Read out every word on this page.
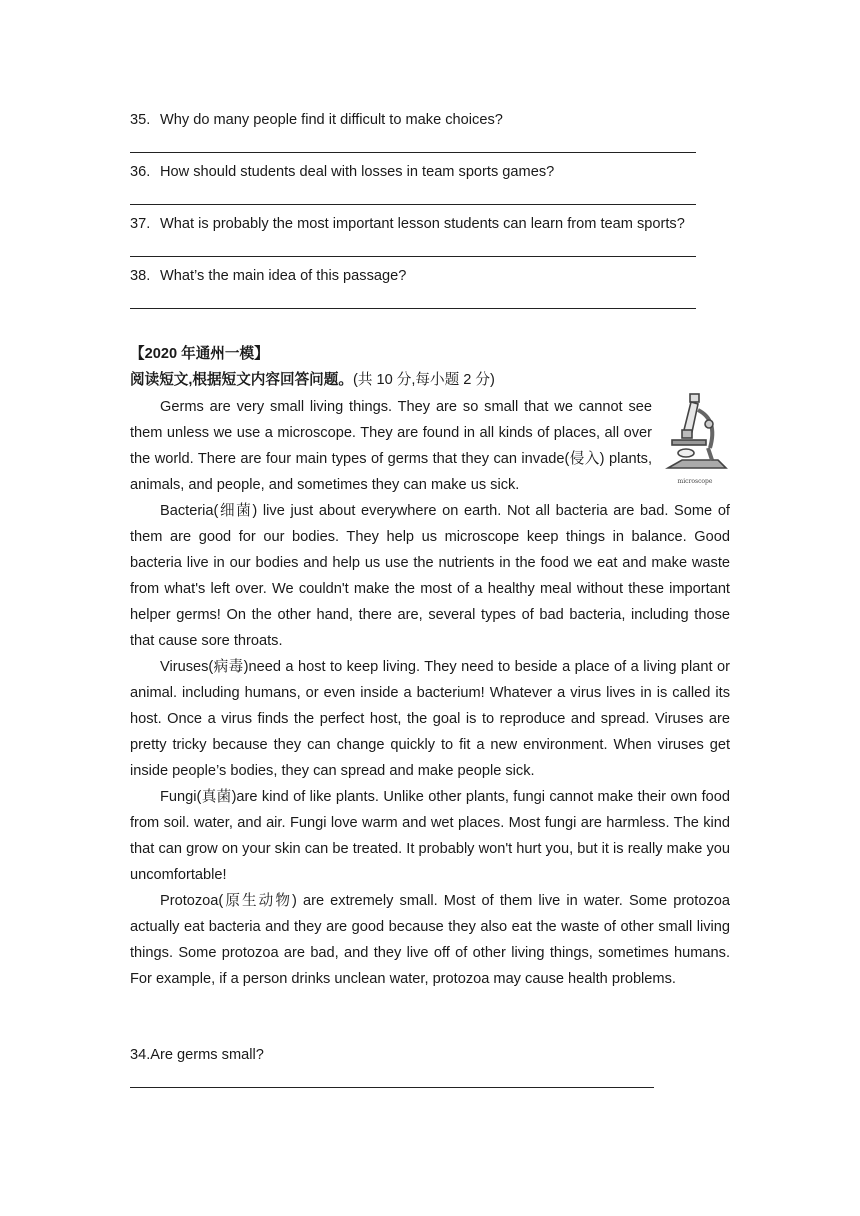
35. Why do many people find it difficult to make choices?
36. How should students deal with losses in team sports games?
37. What is probably the most important lesson students can learn from team sports?
38. What’s the main idea of this passage?
【2020 年通州一模】
阅读短文,根据短文内容回答问题。(共 10 分,每小题 2 分)
microscope

Germs are very small living things. They are so small that we cannot see them unless we use a microscope. They are found in all kinds of places, all over the world. There are four main types of germs that they can invade(侵入) plants, animals, and people, and sometimes they can make us sick.

Bacteria(细菌) live just about everywhere on earth. Not all bacteria are bad. Some of them are good for our bodies. They help us microscope keep things in balance. Good bacteria live in our bodies and help us use the nutrients in the food we eat and make waste from what's left over. We couldn't make the most of a healthy meal without these important helper germs! On the other hand, there are, several types of bad bacteria, including those that cause sore throats.

Viruses(病毒)need a host to keep living. They need to beside a place of a living plant or animal. including humans, or even inside a bacterium! Whatever a virus lives in is called its host. Once a virus finds the perfect host, the goal is to reproduce and spread. Viruses are pretty tricky because they can change quickly to fit a new environment. When viruses get inside people’s bodies, they can spread and make people sick.

Fungi(真菌)are kind of like plants. Unlike other plants, fungi cannot make their own food from soil. water, and air. Fungi love warm and wet places. Most fungi are harmless. The kind that can grow on your skin can be treated. It probably won't hurt you, but it is really make you uncomfortable!

Protozoa(原生动物) are extremely small. Most of them live in water. Some protozoa actually eat bacteria and they are good because they also eat the waste of other small living things. Some protozoa are bad, and they live off of other living things, sometimes humans. For example, if a person drinks unclean water, protozoa may cause health problems.

34.Are germs small?
